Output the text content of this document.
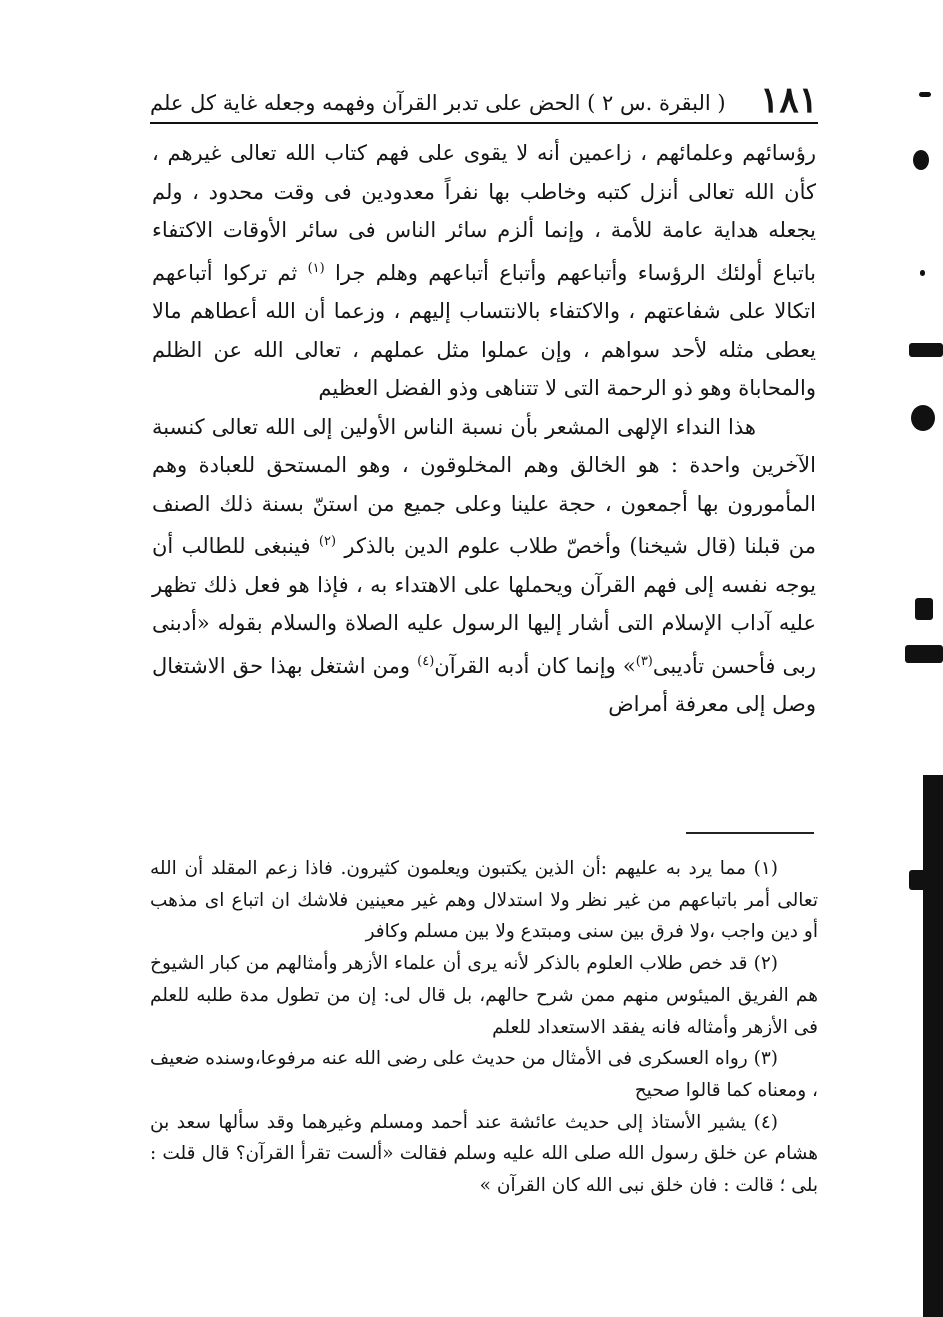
١٨١
( البقرة .س ٢ ) الحض على تدبر القرآن وفهمه وجعله غاية كل علم

رؤسائهم وعلمائهم ، زاعمين أنه لا يقوى على فهم كتاب الله تعالى غيرهم ، كأن الله تعالى أنزل كتبه وخاطب بها نفراً معدودين فى وقت محدود ، ولم يجعله هداية عامة للأمة ، وإنما ألزم سائر الناس فى سائر الأوقات الاكتفاء باتباع أولئك الرؤساء وأتباعهم وأتباع أتباعهم وهلم جرا $^{(١)}$ ثم تركوا أتباعهم اتكالا على شفاعتهم ، والاكتفاء بالانتساب إليهم ، وزعما أن الله أعطاهم مالا يعطى مثله لأحد سواهم ، وإن عملوا مثل عملهم ، تعالى الله عن الظلم والمحاباة وهو ذو الرحمة التى لا تتناهى وذو الفضل العظيم

هذا النداء الإلهى المشعر بأن نسبة الناس الأولين إلى الله تعالى كنسبة الآخرين واحدة : هو الخالق وهم المخلوقون ، وهو المستحق للعبادة وهم المأمورون بها أجمعون ، حجة علينا وعلى جميع من استنّ بسنة ذلك الصنف من قبلنا (قال شيخنا) وأخصّ طلاب علوم الدين بالذكر $^{(٢)}$ فينبغى للطالب أن يوجه نفسه إلى فهم القرآن ويحملها على الاهتداء به ، فإذا هو فعل ذلك تظهر عليه آداب الإسلام التى أشار إليها الرسول عليه الصلاة والسلام بقوله «أدبنى ربى فأحسن تأديبى$^{(٣)}$» وإنما كان أدبه القرآن$^{(٤)}$ ومن اشتغل بهذا حق الاشتغال وصل إلى معرفة أمراض

(١) مما يرد به عليهم :أن الذين يكتبون ويعلمون كثيرون. فاذا زعم المقلد أن الله تعالى أمر باتباعهم من غير نظر ولا استدلال وهم غير معينين فلاشك ان اتباع اى مذهب أو دين واجب ،ولا فرق بين سنى ومبتدع ولا بين مسلم وكافر

(٢) قد خص طلاب العلوم بالذكر لأنه يرى أن علماء الأزهر وأمثالهم من كبار الشيوخ هم الفريق الميئوس منهم ممن شرح حالهم، بل قال لى: إن من تطول مدة طلبه للعلم فى الأزهر وأمثاله فانه يفقد الاستعداد للعلم

(٣) رواه العسكرى فى الأمثال من حديث على رضى الله عنه مرفوعا،وسنده ضعيف ، ومعناه كما قالوا صحيح

(٤) يشير الأستاذ إلى حديث عائشة عند أحمد ومسلم وغيرهما وقد سألها سعد بن هشام عن خلق رسول الله صلى الله عليه وسلم فقالت «ألست تقرأ القرآن؟ قال قلت : بلى ؛ قالت : فان خلق نبى الله كان القرآن »
